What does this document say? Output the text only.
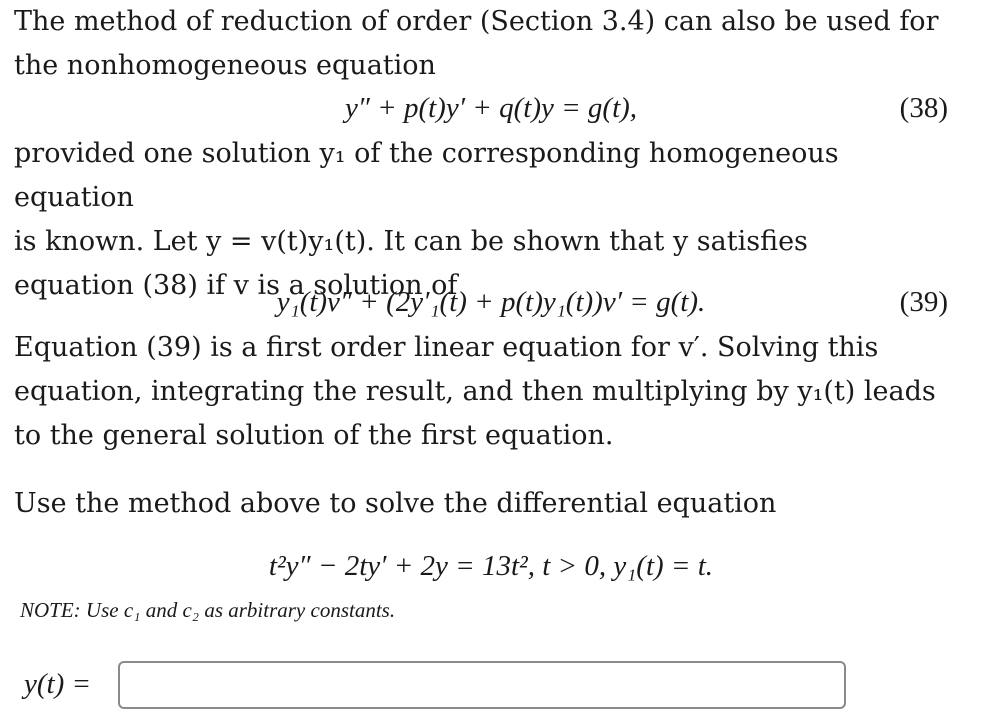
The method of reduction of order (Section 3.4) can also be used for
the nonhomogeneous equation
y″ + p(t)y′ + q(t)y = g(t),	(38)
provided one solution y₁ of the corresponding homogeneous equation
is known. Let y = v(t)y₁(t). It can be shown that y satisfies
equation (38) if v is a solution of
y₁(t)v″ + (2y′₁(t) + p(t)y₁(t))v′ = g(t).	(39)
Equation (39) is a first order linear equation for v′. Solving this
equation, integrating the result, and then multiplying by y₁(t) leads
to the general solution of the first equation.
Use the method above to solve the differential equation
t²y″ − 2ty′ + 2y = 13t², t > 0, y₁(t) = t.
NOTE: Use c₁ and c₂ as arbitrary constants.
y(t) =
